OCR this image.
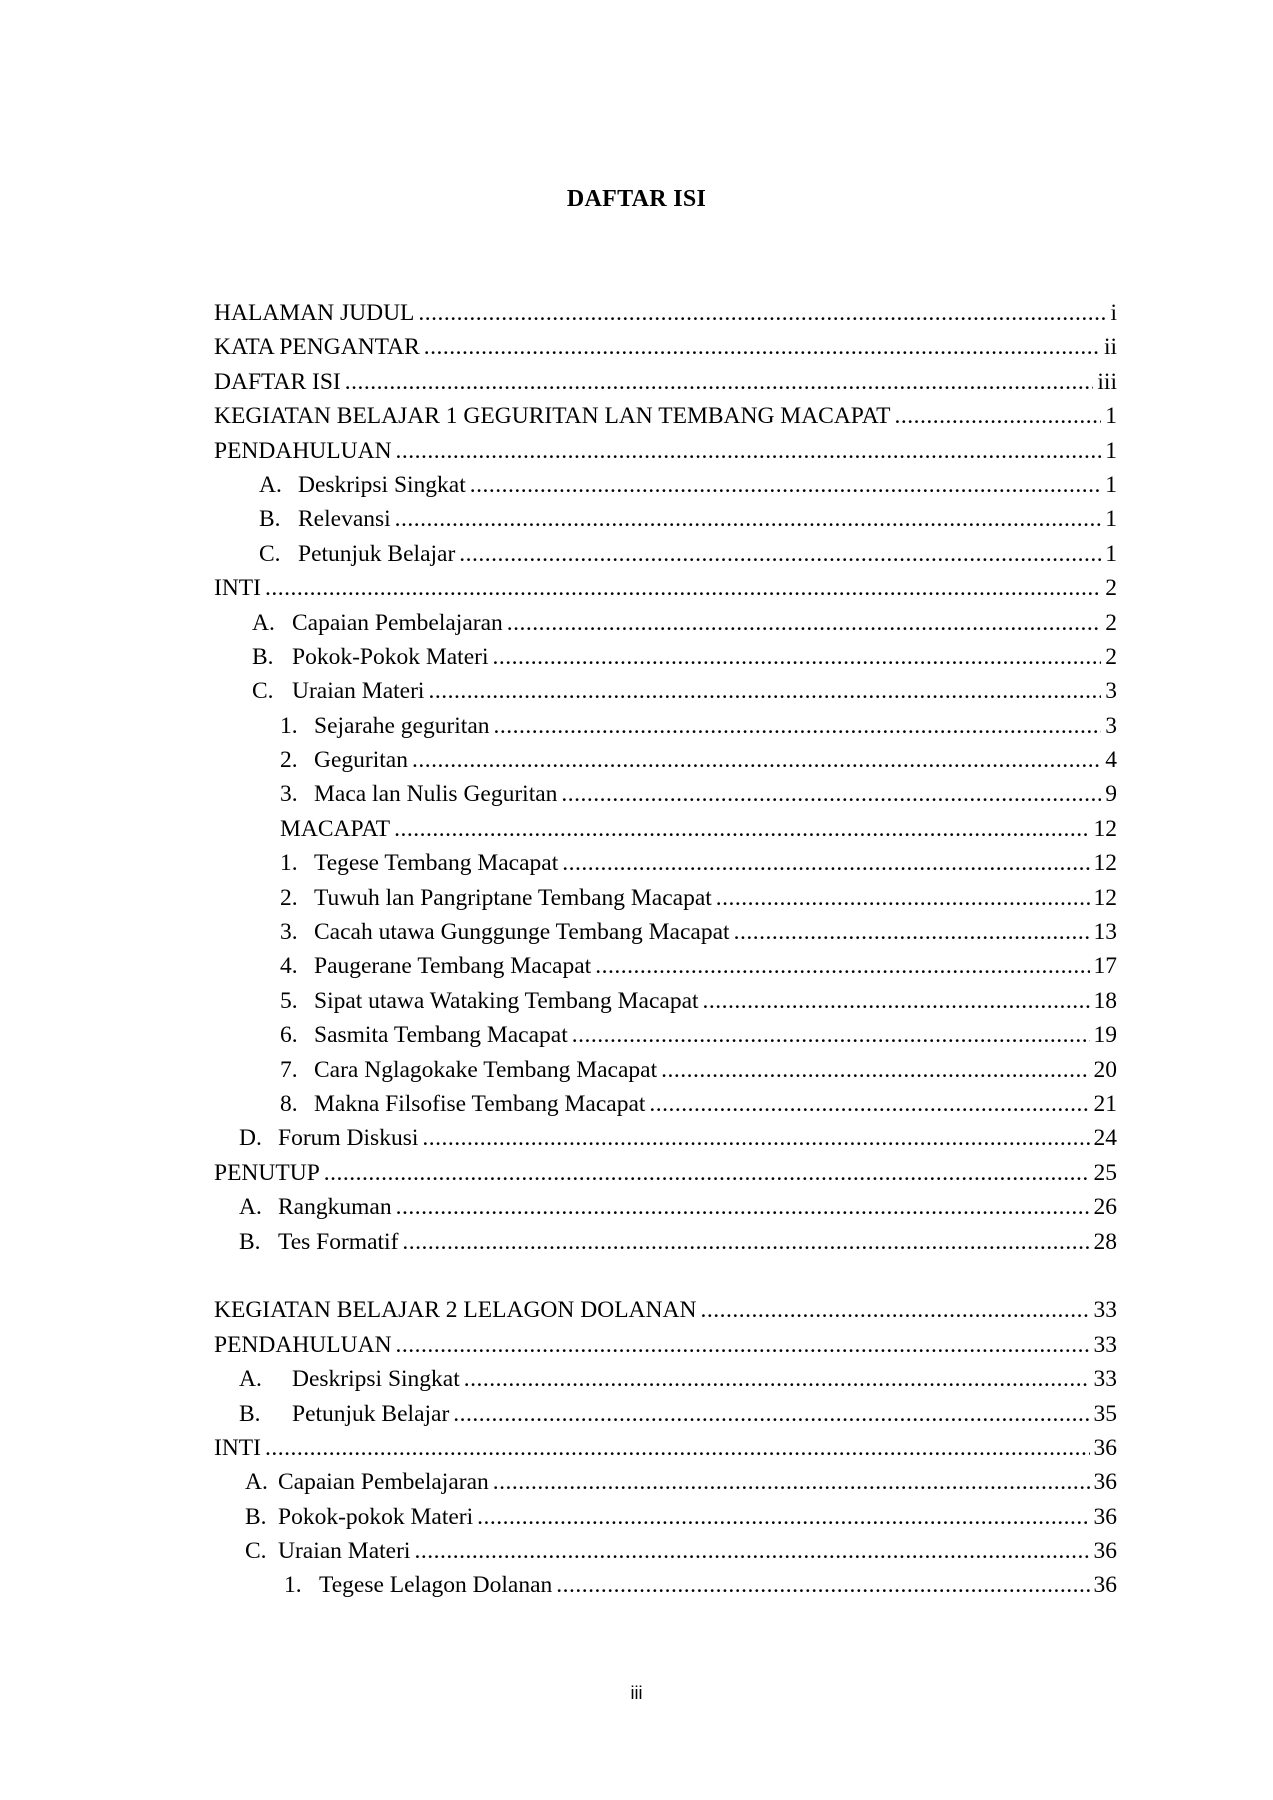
DAFTAR ISI
HALAMAN JUDUL .....	i
KATA PENGANTAR .....	ii
DAFTAR ISI .....	iii
KEGIATAN BELAJAR 1 GEGURITAN LAN TEMBANG MACAPAT .....	1
PENDAHULUAN .....	1
A. Deskripsi Singkat .....	1
B. Relevansi .....	1
C. Petunjuk Belajar .....	1
INTI .....	2
A. Capaian Pembelajaran .....	2
B. Pokok-Pokok Materi .....	2
C. Uraian Materi .....	3
1. Sejarahe geguritan .....	3
2. Geguritan .....	4
3. Maca lan Nulis Geguritan .....	9
MACAPAT .....	12
1. Tegese Tembang Macapat .....	12
2. Tuwuh lan Pangriptane Tembang Macapat .....	12
3. Cacah utawa Gunggunge Tembang Macapat .....	13
4. Paugerane Tembang Macapat .....	17
5. Sipat utawa Wataking Tembang Macapat .....	18
6. Sasmita Tembang Macapat .....	19
7. Cara Nglagokake Tembang Macapat .....	20
8. Makna Filsofise Tembang Macapat .....	21
D. Forum Diskusi .....	24
PENUTUP .....	25
A. Rangkuman .....	26
B. Tes Formatif .....	28
KEGIATAN BELAJAR 2 LELAGON DOLANAN .....	33
PENDAHULUAN .....	33
A. Deskripsi Singkat .....	33
B. Petunjuk Belajar .....	35
INTI .....	36
A. Capaian Pembelajaran .....	36
B. Pokok-pokok Materi .....	36
C. Uraian Materi .....	36
1. Tegese Lelagon Dolanan .....	36
iii
